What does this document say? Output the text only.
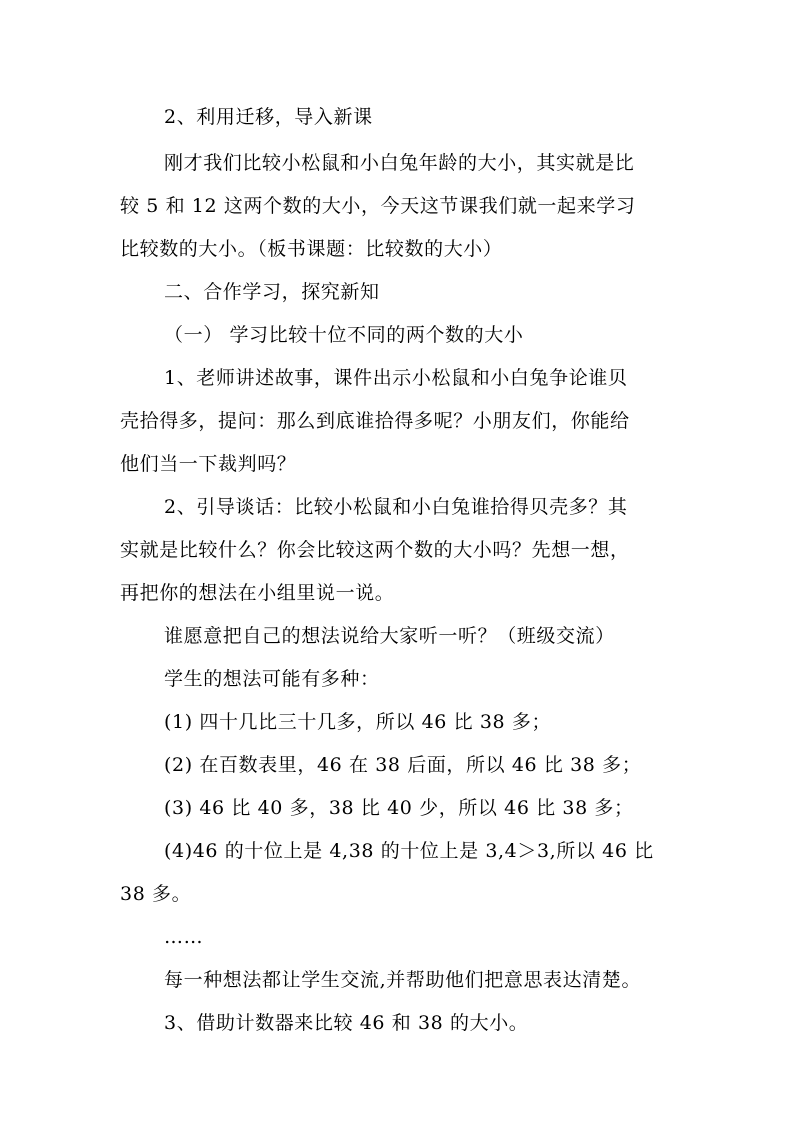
2、利用迁移，导入新课
刚才我们比较小松鼠和小白兔年龄的大小，其实就是比
较 5 和 12 这两个数的大小，今天这节课我们就一起来学习
比较数的大小。（板书课题：比较数的大小）
二、合作学习，探究新知
（一） 学习比较十位不同的两个数的大小
1、老师讲述故事，课件出示小松鼠和小白兔争论谁贝
壳拾得多，提问：那么到底谁拾得多呢？小朋友们，你能给
他们当一下裁判吗？
2、引导谈话：比较小松鼠和小白兔谁拾得贝壳多？其
实就是比较什么？你会比较这两个数的大小吗？先想一想，
再把你的想法在小组里说一说。
谁愿意把自己的想法说给大家听一听？（班级交流）
学生的想法可能有多种：
(1) 四十几比三十几多，所以 46 比 38 多；
(2) 在百数表里，46 在 38 后面，所以 46 比 38 多；
(3) 46 比 40 多，38 比 40 少，所以 46 比 38 多；
(4)46 的十位上是 4,38 的十位上是 3,4＞3,所以 46 比
38 多。
……
每一种想法都让学生交流,并帮助他们把意思表达清楚。
3、借助计数器来比较 46 和 38 的大小。
